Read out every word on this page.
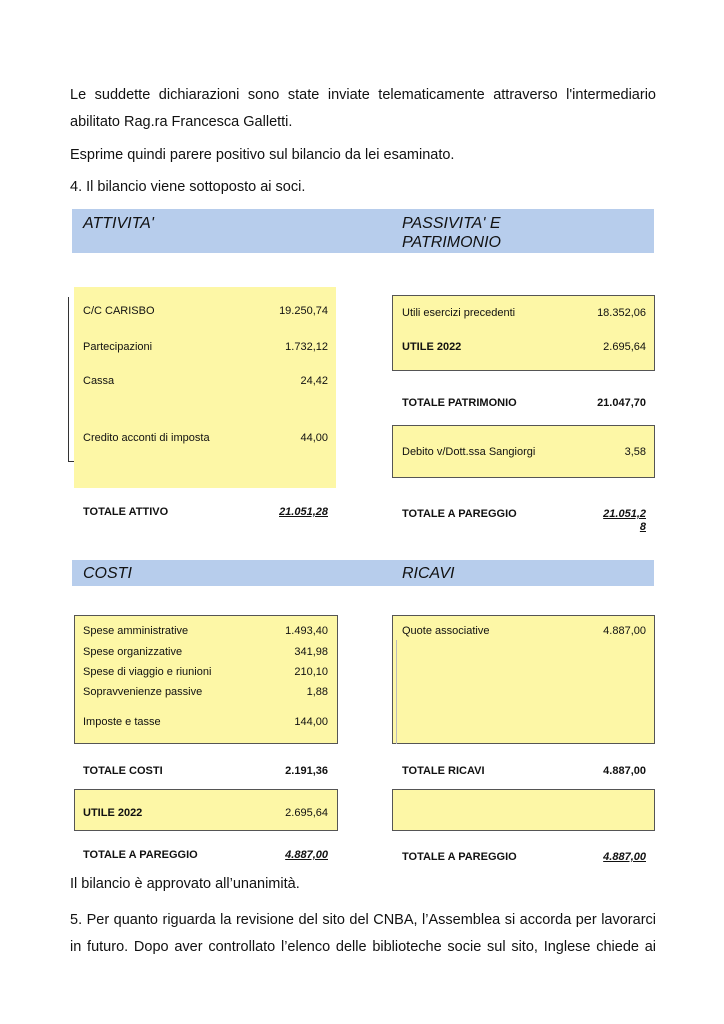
Le suddette dichiarazioni sono state inviate telematicamente attraverso l'intermediario
abilitato Rag.ra Francesca Galletti.
Esprime quindi parere positivo sul bilancio da lei esaminato.
4. Il bilancio viene sottoposto ai soci.
ATTIVITA'	PASSIVITA' E PATRIMONIO
C/C CARISBO	19.250,74
Partecipazioni	1.732,12
Cassa	24,42
Credito acconti di imposta	44,00
TOTALE ATTIVO	21.051,28
Utili esercizi precedenti	18.352,06
UTILE 2022	2.695,64
TOTALE PATRIMONIO	21.047,70
Debito v/Dott.ssa Sangiorgi	3,58
TOTALE A PAREGGIO	21.051,28
COSTI	RICAVI
Spese amministrative	1.493,40
Spese organizzative	341,98
Spese di viaggio e riunioni	210,10
Sopravvenienze passive	1,88
Imposte e tasse	144,00
TOTALE COSTI	2.191,36
UTILE 2022	2.695,64
TOTALE A PAREGGIO	4.887,00
Quote associative	4.887,00
TOTALE RICAVI	4.887,00
TOTALE A PAREGGIO	4.887,00
Il bilancio è approvato all’unanimità.
5. Per quanto riguarda la revisione del sito del CNBA, l’Assemblea si accorda per lavorarci
in futuro. Dopo aver controllato l’elenco delle biblioteche socie sul sito, Inglese chiede ai
